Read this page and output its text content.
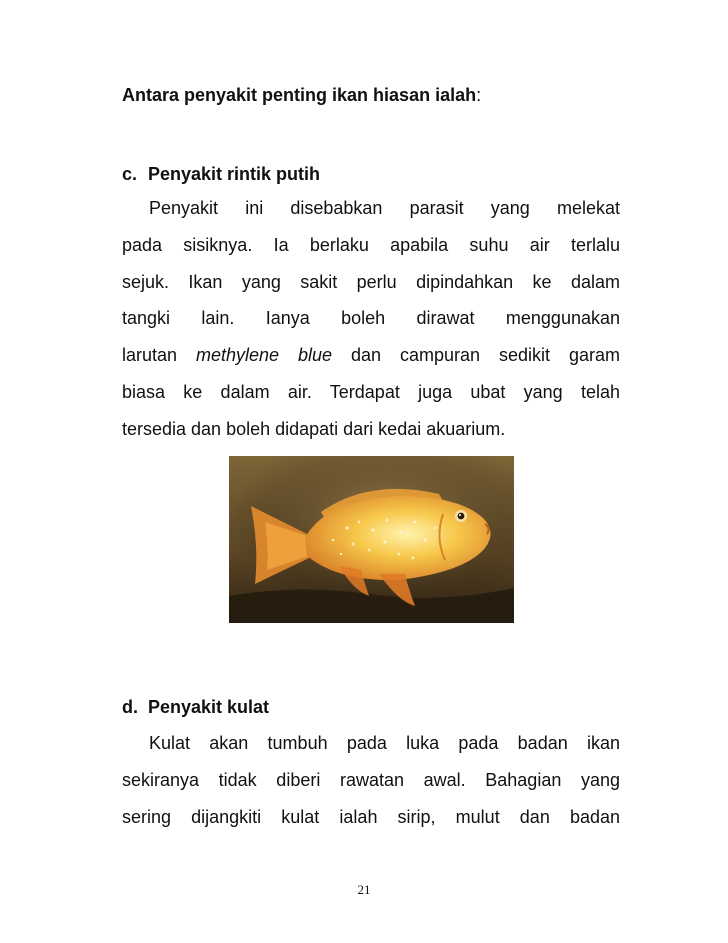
Antara penyakit penting ikan hiasan ialah:

c. Penyakit rintik putih
Penyakit ini disebabkan parasit yang melekat
pada sisiknya. Ia berlaku apabila suhu air terlalu
sejuk. Ikan yang sakit perlu dipindahkan ke dalam
tangki lain. Ianya boleh dirawat menggunakan
larutan methylene blue dan campuran sedikit garam
biasa ke dalam air. Terdapat juga ubat yang telah
tersedia dan boleh didapati dari kedai akuarium.
d. Penyakit kulat
Kulat akan tumbuh pada luka pada badan ikan
sekiranya tidak diberi rawatan awal. Bahagian yang
sering dijangkiti kulat ialah sirip, mulut dan badan

21
